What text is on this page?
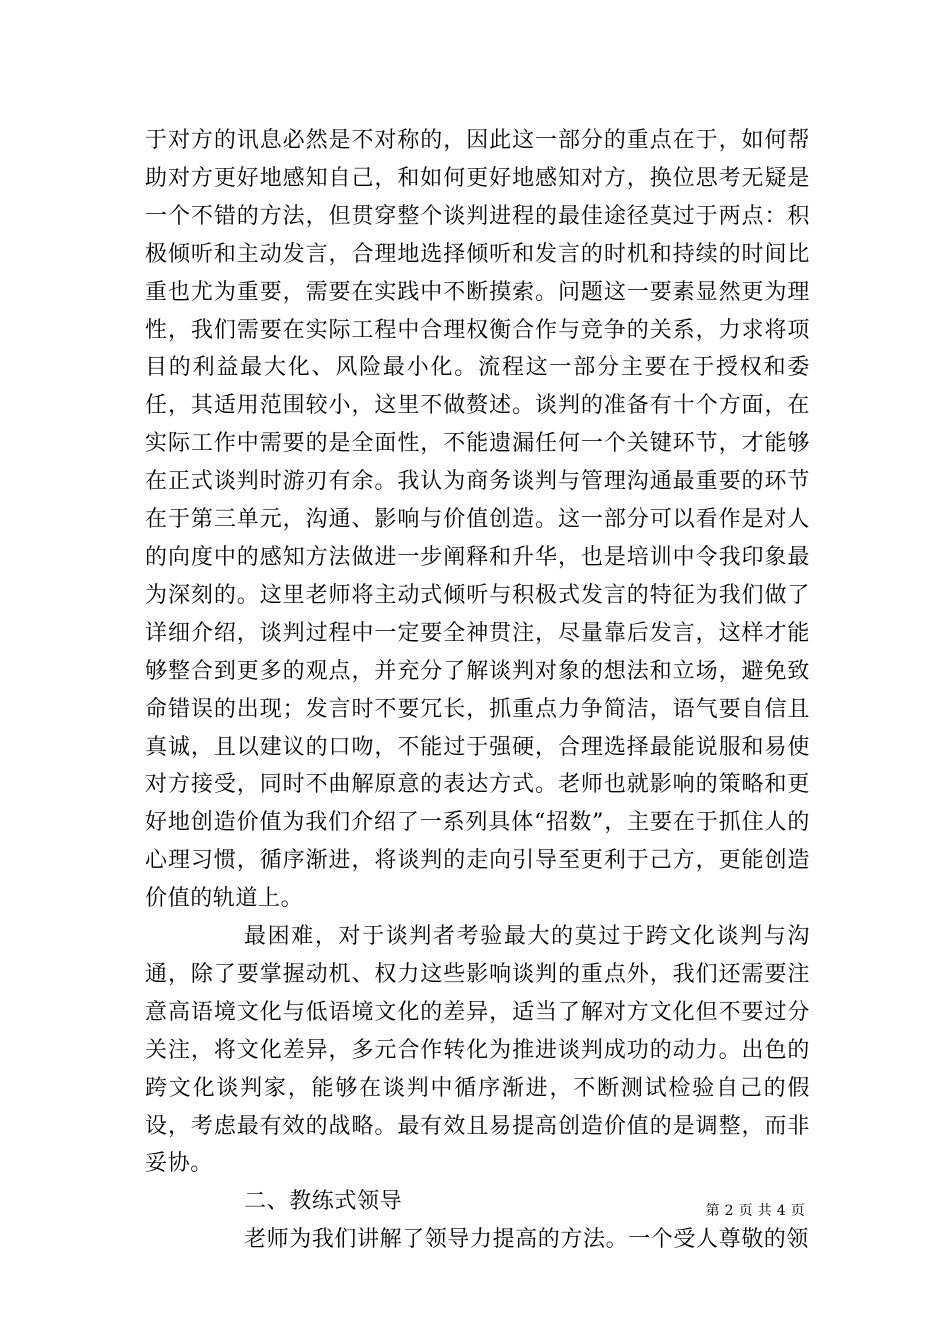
于对方的讯息必然是不对称的，因此这一部分的重点在于，如何帮助对方更好地感知自己，和如何更好地感知对方，换位思考无疑是一个不错的方法，但贯穿整个谈判进程的最佳途径莫过于两点：积极倾听和主动发言，合理地选择倾听和发言的时机和持续的时间比重也尤为重要，需要在实践中不断摸索。问题这一要素显然更为理性，我们需要在实际工程中合理权衡合作与竞争的关系，力求将项目的利益最大化、风险最小化。流程这一部分主要在于授权和委任，其适用范围较小，这里不做赘述。谈判的准备有十个方面，在实际工作中需要的是全面性，不能遗漏任何一个关键环节，才能够在正式谈判时游刃有余。我认为商务谈判与管理沟通最重要的环节在于第三单元，沟通、影响与价值创造。这一部分可以看作是对人的向度中的感知方法做进一步阐释和升华，也是培训中令我印象最为深刻的。这里老师将主动式倾听与积极式发言的特征为我们做了详细介绍，谈判过程中一定要全神贯注，尽量靠后发言，这样才能够整合到更多的观点，并充分了解谈判对象的想法和立场，避免致命错误的出现；发言时不要冗长，抓重点力争简洁，语气要自信且真诚，且以建议的口吻，不能过于强硬，合理选择最能说服和易使对方接受，同时不曲解原意的表达方式。老师也就影响的策略和更好地创造价值为我们介绍了一系列具体“招数”，主要在于抓住人的心理习惯，循序渐进，将谈判的走向引导至更利于己方，更能创造价值的轨道上。

最困难，对于谈判者考验最大的莫过于跨文化谈判与沟通，除了要掌握动机、权力这些影响谈判的重点外，我们还需要注意高语境文化与低语境文化的差异，适当了解对方文化但不要过分关注，将文化差异，多元合作转化为推进谈判成功的动力。出色的跨文化谈判家，能够在谈判中循序渐进，不断测试检验自己的假设，考虑最有效的战略。最有效且易提高创造价值的是调整，而非妥协。

二、教练式领导

老师为我们讲解了领导力提高的方法。一个受人尊敬的领

第 2 页 共 4 页
